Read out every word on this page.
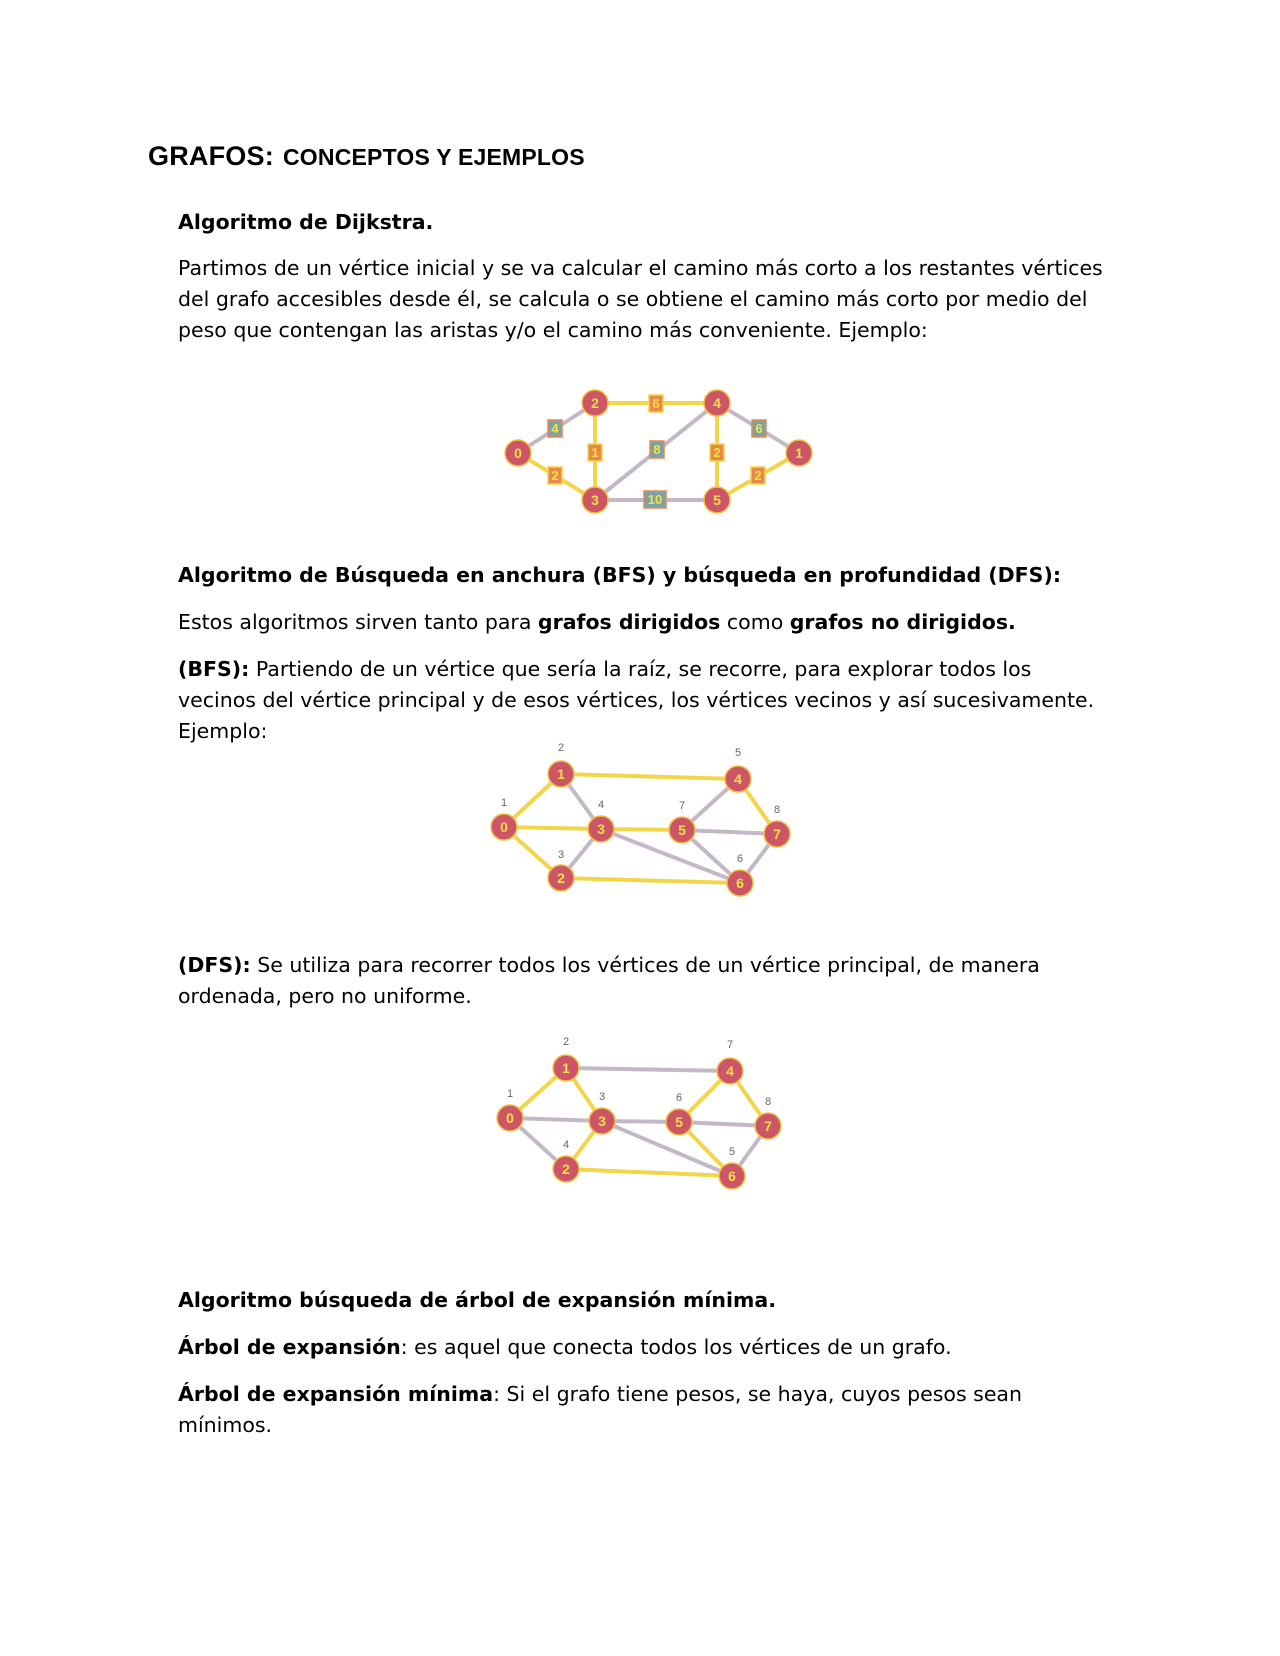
GRAFOS: CONCEPTOS Y EJEMPLOS

Algoritmo de Dijkstra.

Partimos de un vértice inicial y se va calcular el camino más corto a los restantes vértices del grafo accesibles desde él, se calcula o se obtiene el camino más corto por medio del peso que contengan las aristas y/o el camino más conveniente. Ejemplo:

4
2
6
1	8
10
2
6
2
0
2
3
4
5
1

Algoritmo de Búsqueda en anchura (BFS) y búsqueda en profundidad (DFS):

Estos algoritmos sirven tanto para grafos dirigidos como grafos no dirigidos.

(BFS): Partiendo de un vértice que sería la raíz, se recorre, para explorar todos los vecinos del vértice principal y de esos vértices, los vértices vecinos y así sucesivamente. Ejemplo:

1
2
3
4
5
7
6
8
0
1
2
3
4
5
6
7

(DFS): Se utiliza para recorrer todos los vértices de un vértice principal, de manera ordenada, pero no uniforme.

1
2
4
3
7
6
5
8
0
1
2
3
4
5
6
7

Algoritmo búsqueda de árbol de expansión mínima.

Árbol de expansión: es aquel que conecta todos los vértices de un grafo.

Árbol de expansión mínima: Si el grafo tiene pesos, se haya, cuyos pesos sean mínimos.
